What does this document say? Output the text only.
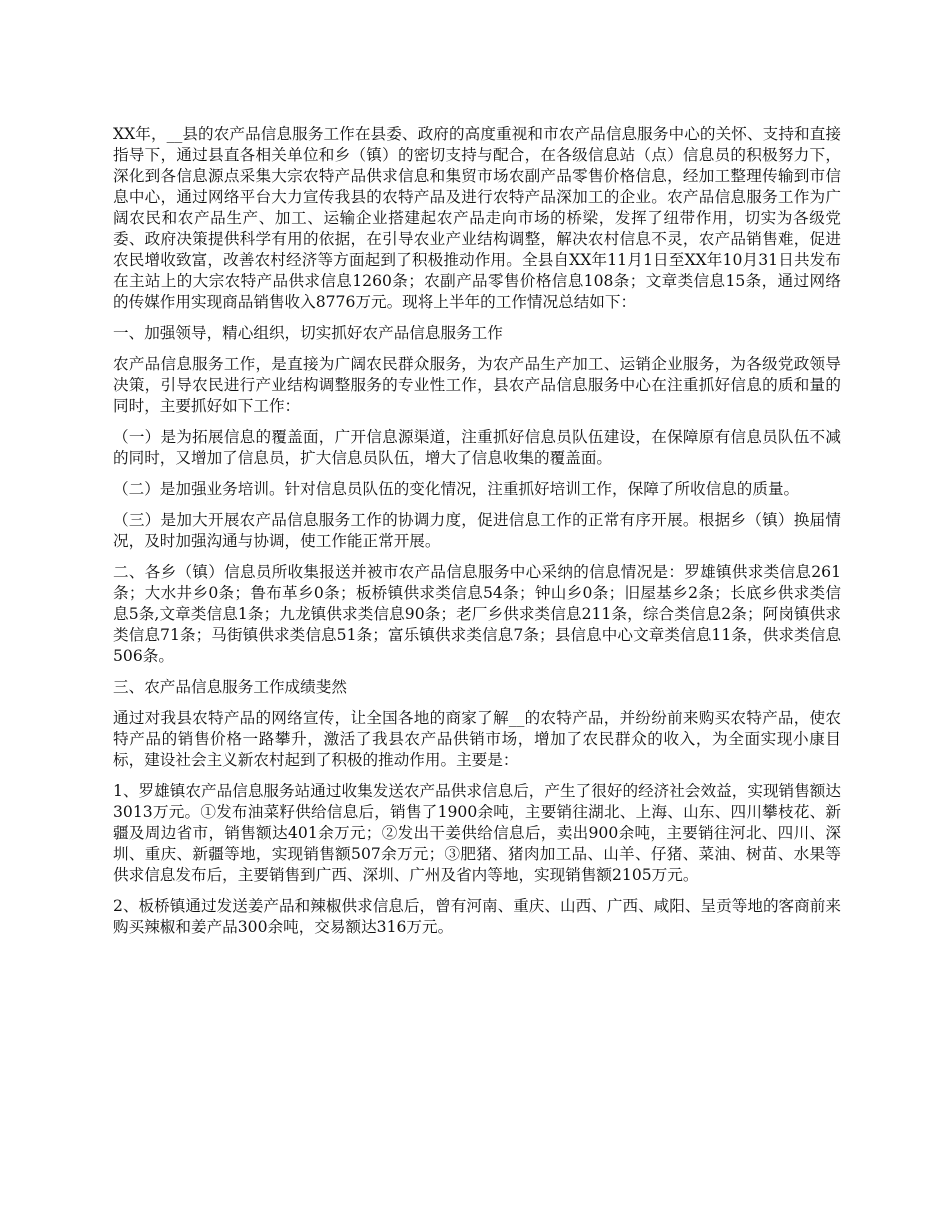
XX年，__县的农产品信息服务工作在县委、政府的高度重视和市农产品信息服务中心的关怀、支持和直接指导下，通过县直各相关单位和乡（镇）的密切支持与配合，在各级信息站（点）信息员的积极努力下，深化到各信息源点采集大宗农特产品供求信息和集贸市场农副产品零售价格信息，经加工整理传输到市信息中心，通过网络平台大力宣传我县的农特产品及进行农特产品深加工的企业。农产品信息服务工作为广阔农民和农产品生产、加工、运输企业搭建起农产品走向市场的桥梁，发挥了纽带作用，切实为各级党委、政府决策提供科学有用的依据，在引导农业产业结构调整，解决农村信息不灵，农产品销售难，促进农民增收致富，改善农村经济等方面起到了积极推动作用。全县自XX年11月1日至XX年10月31日共发布在主站上的大宗农特产品供求信息1260条；农副产品零售价格信息108条；文章类信息15条，通过网络的传媒作用实现商品销售收入8776万元。现将上半年的工作情况总结如下：

一、加强领导，精心组织，切实抓好农产品信息服务工作

农产品信息服务工作，是直接为广阔农民群众服务，为农产品生产加工、运销企业服务，为各级党政领导决策，引导农民进行产业结构调整服务的专业性工作，县农产品信息服务中心在注重抓好信息的质和量的同时，主要抓好如下工作：

（一）是为拓展信息的覆盖面，广开信息源渠道，注重抓好信息员队伍建设，在保障原有信息员队伍不减的同时，又增加了信息员，扩大信息员队伍，增大了信息收集的覆盖面。

（二）是加强业务培训。针对信息员队伍的变化情况，注重抓好培训工作，保障了所收信息的质量。

（三）是加大开展农产品信息服务工作的协调力度，促进信息工作的正常有序开展。根据乡（镇）换届情况，及时加强沟通与协调，使工作能正常开展。

二、各乡（镇）信息员所收集报送并被市农产品信息服务中心采纳的信息情况是：罗雄镇供求类信息261条；大水井乡0条；鲁布革乡0条；板桥镇供求类信息54条；钟山乡0条；旧屋基乡2条；长底乡供求类信息5条,文章类信息1条；九龙镇供求类信息90条；老厂乡供求类信息211条，综合类信息2条；阿岗镇供求类信息71条；马街镇供求类信息51条；富乐镇供求类信息7条；县信息中心文章类信息11条，供求类信息506条。

三、农产品信息服务工作成绩斐然

通过对我县农特产品的网络宣传，让全国各地的商家了解__的农特产品，并纷纷前来购买农特产品，使农特产品的销售价格一路攀升，激活了我县农产品供销市场，增加了农民群众的收入，为全面实现小康目标，建设社会主义新农村起到了积极的推动作用。主要是：

1、罗雄镇农产品信息服务站通过收集发送农产品供求信息后，产生了很好的经济社会效益，实现销售额达3013万元。①发布油菜籽供给信息后，销售了1900余吨，主要销往湖北、上海、山东、四川攀枝花、新疆及周边省市，销售额达401余万元；②发出干姜供给信息后，卖出900余吨，主要销往河北、四川、深圳、重庆、新疆等地，实现销售额507余万元；③肥猪、猪肉加工品、山羊、仔猪、菜油、树苗、水果等供求信息发布后，主要销售到广西、深圳、广州及省内等地，实现销售额2105万元。

2、板桥镇通过发送姜产品和辣椒供求信息后，曾有河南、重庆、山西、广西、咸阳、呈贡等地的客商前来购买辣椒和姜产品300余吨，交易额达316万元。
